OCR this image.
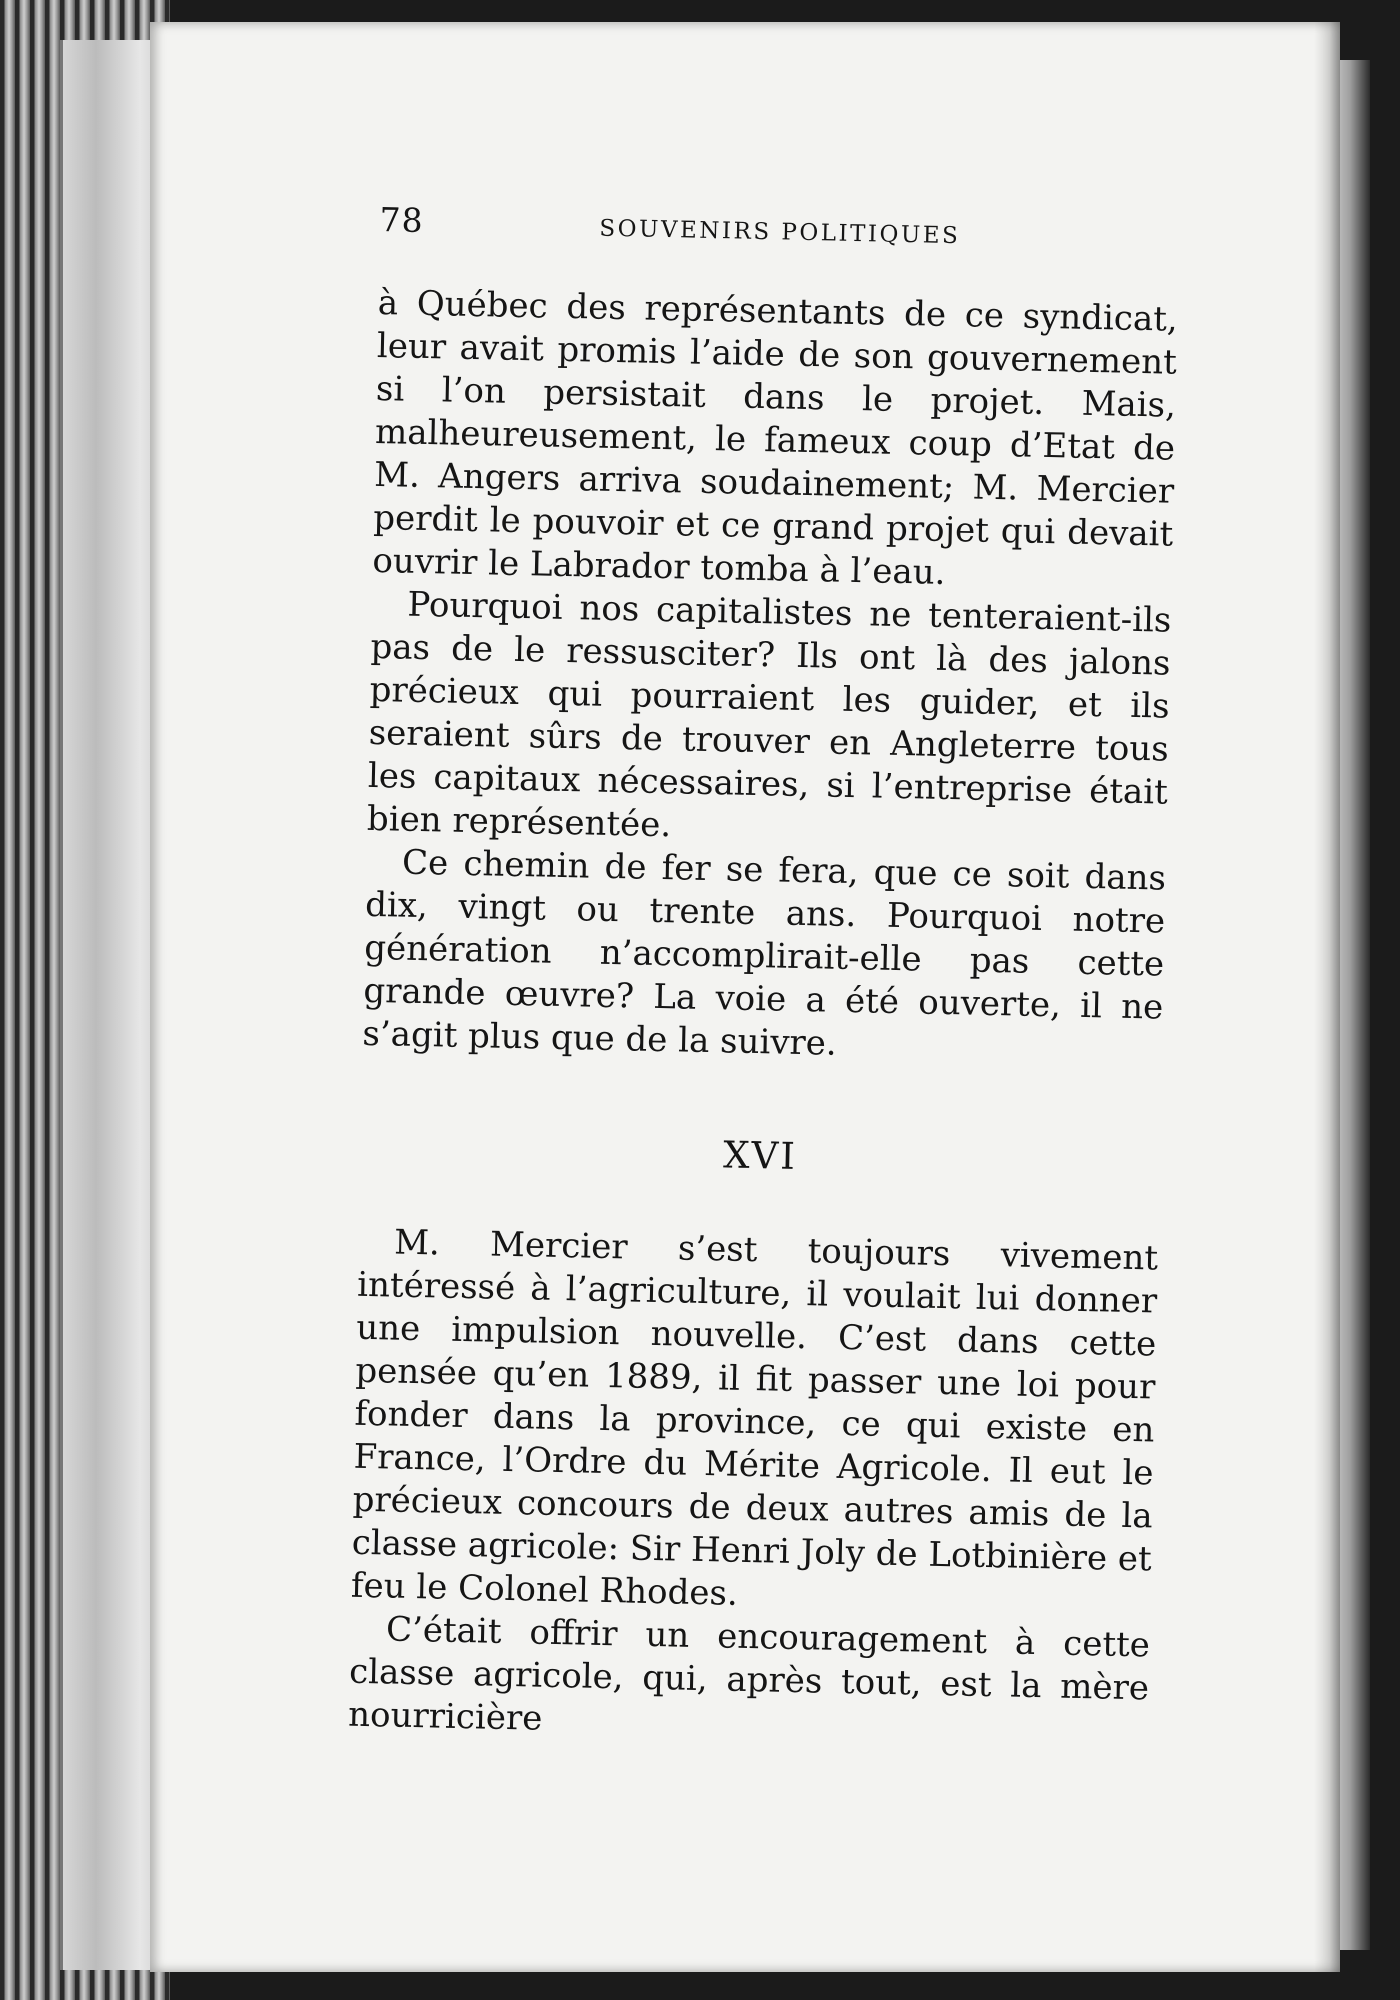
78	SOUVENIRS POLITIQUES

à Québec des représentants de ce syndicat, leur avait promis l’aide de son gouvernement si l’on persistait dans le projet. Mais, malheureusement, le fameux coup d’Etat de M. Angers arriva soudainement; M. Mercier perdit le pouvoir et ce grand projet qui devait ouvrir le Labrador tomba à l’eau.

Pourquoi nos capitalistes ne tenteraient-ils pas de le ressusciter? Ils ont là des jalons précieux qui pourraient les guider, et ils seraient sûrs de trouver en Angleterre tous les capitaux nécessaires, si l’entreprise était bien représentée.

Ce chemin de fer se fera, que ce soit dans dix, vingt ou trente ans. Pourquoi notre génération n’accomplirait-elle pas cette grande œuvre? La voie a été ouverte, il ne s’agit plus que de la suivre.

XVI

M. Mercier s’est toujours vivement intéressé à l’agriculture, il voulait lui donner une impulsion nouvelle. C’est dans cette pensée qu’en 1889, il fit passer une loi pour fonder dans la province, ce qui existe en France, l’Ordre du Mérite Agricole. Il eut le précieux concours de deux autres amis de la classe agricole: Sir Henri Joly de Lotbinière et feu le Colonel Rhodes.

C’était offrir un encouragement à cette classe agricole, qui, après tout, est la mère nourricière
